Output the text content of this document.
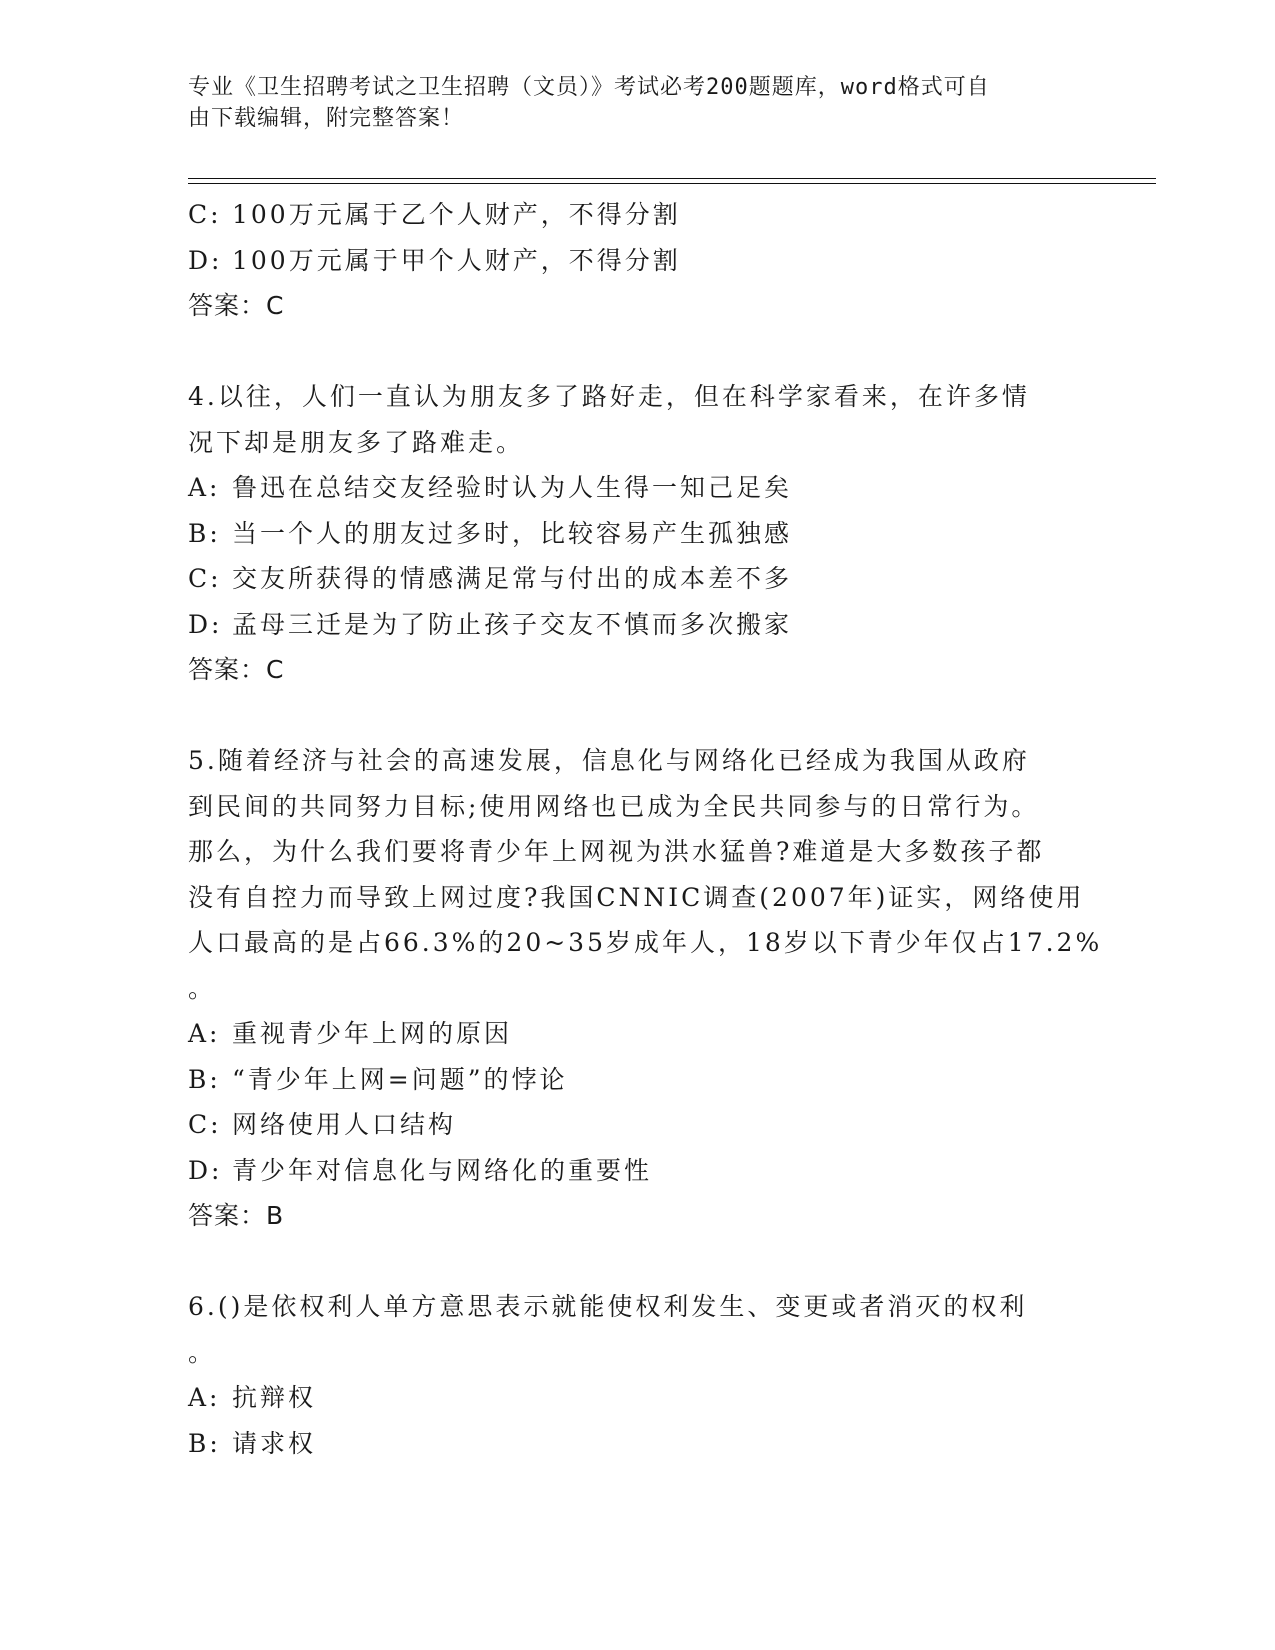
专业《卫生招聘考试之卫生招聘（文员）》考试必考200题题库，word格式可自
由下载编辑，附完整答案！
C: 100万元属于乙个人财产，不得分割
D: 100万元属于甲个人财产，不得分割
答案：C
4.以往，人们一直认为朋友多了路好走，但在科学家看来，在许多情
况下却是朋友多了路难走。
A: 鲁迅在总结交友经验时认为人生得一知己足矣
B: 当一个人的朋友过多时，比较容易产生孤独感
C: 交友所获得的情感满足常与付出的成本差不多
D: 孟母三迁是为了防止孩子交友不慎而多次搬家
答案：C
5.随着经济与社会的高速发展，信息化与网络化已经成为我国从政府
到民间的共同努力目标;使用网络也已成为全民共同参与的日常行为。
那么，为什么我们要将青少年上网视为洪水猛兽?难道是大多数孩子都
没有自控力而导致上网过度?我国CNNIC调查(2007年)证实，网络使用
人口最高的是占66.3%的20~35岁成年人，18岁以下青少年仅占17.2%
。
A: 重视青少年上网的原因
B: “青少年上网=问题”的悖论
C: 网络使用人口结构
D: 青少年对信息化与网络化的重要性
答案：B
6.()是依权利人单方意思表示就能使权利发生、变更或者消灭的权利
。
A: 抗辩权
B: 请求权
